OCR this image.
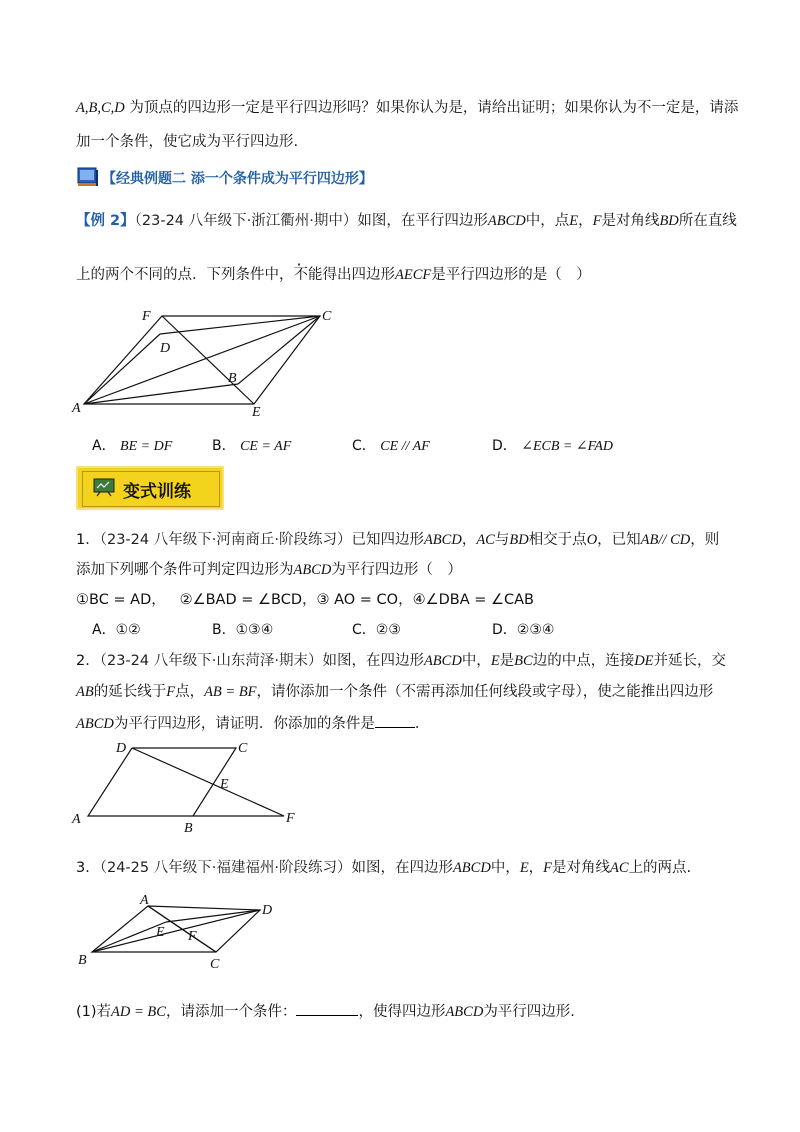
A,B,C,D 为顶点的四边形一定是平行四边形吗？如果你认为是，请给出证明；如果你认为不一定是，请添
加一个条件，使它成为平行四边形.
【经典例题二 添一个条件成为平行四边形】
【例 2】（23-24 八年级下·浙江衢州·期中）如图，在平行四边形ABCD中，点E，F是对角线BD所在直线
上的两个不同的点．下列条件中，不能得出四边形AECF是平行四边形的是（　）
F	C
D
B
A	E
A． BE = DF	B． CE = AF	C． CE // AF	D． ∠ECB = ∠FAD
变式训练
1．（23-24 八年级下·河南商丘·阶段练习）已知四边形ABCD，AC与BD相交于点O，已知AB// CD，则
添加下列哪个条件可判定四边形为ABCD为平行四边形（　）
①BC = AD， ②∠BAD = ∠BCD，③ AO = CO，④∠DBA = ∠CAB
A．①②	B．①③④	C．②③	D．②③④
2．（23-24 八年级下·山东菏泽·期末）如图，在四边形ABCD中，E是BC边的中点，连接DE并延长，交
AB的延长线于F点，AB = BF，请你添加一个条件（不需再添加任何线段或字母），使之能推出四边形
ABCD为平行四边形，请证明．你添加的条件是	．
D	C
E
A
B
F
3．（24-25 八年级下·福建福州·阶段练习）如图，在四边形ABCD中，E，F是对角线AC上的两点.
A
D
E F
B	C
(1)若AD = BC，请添加一个条件：	，使得四边形ABCD为平行四边形.
